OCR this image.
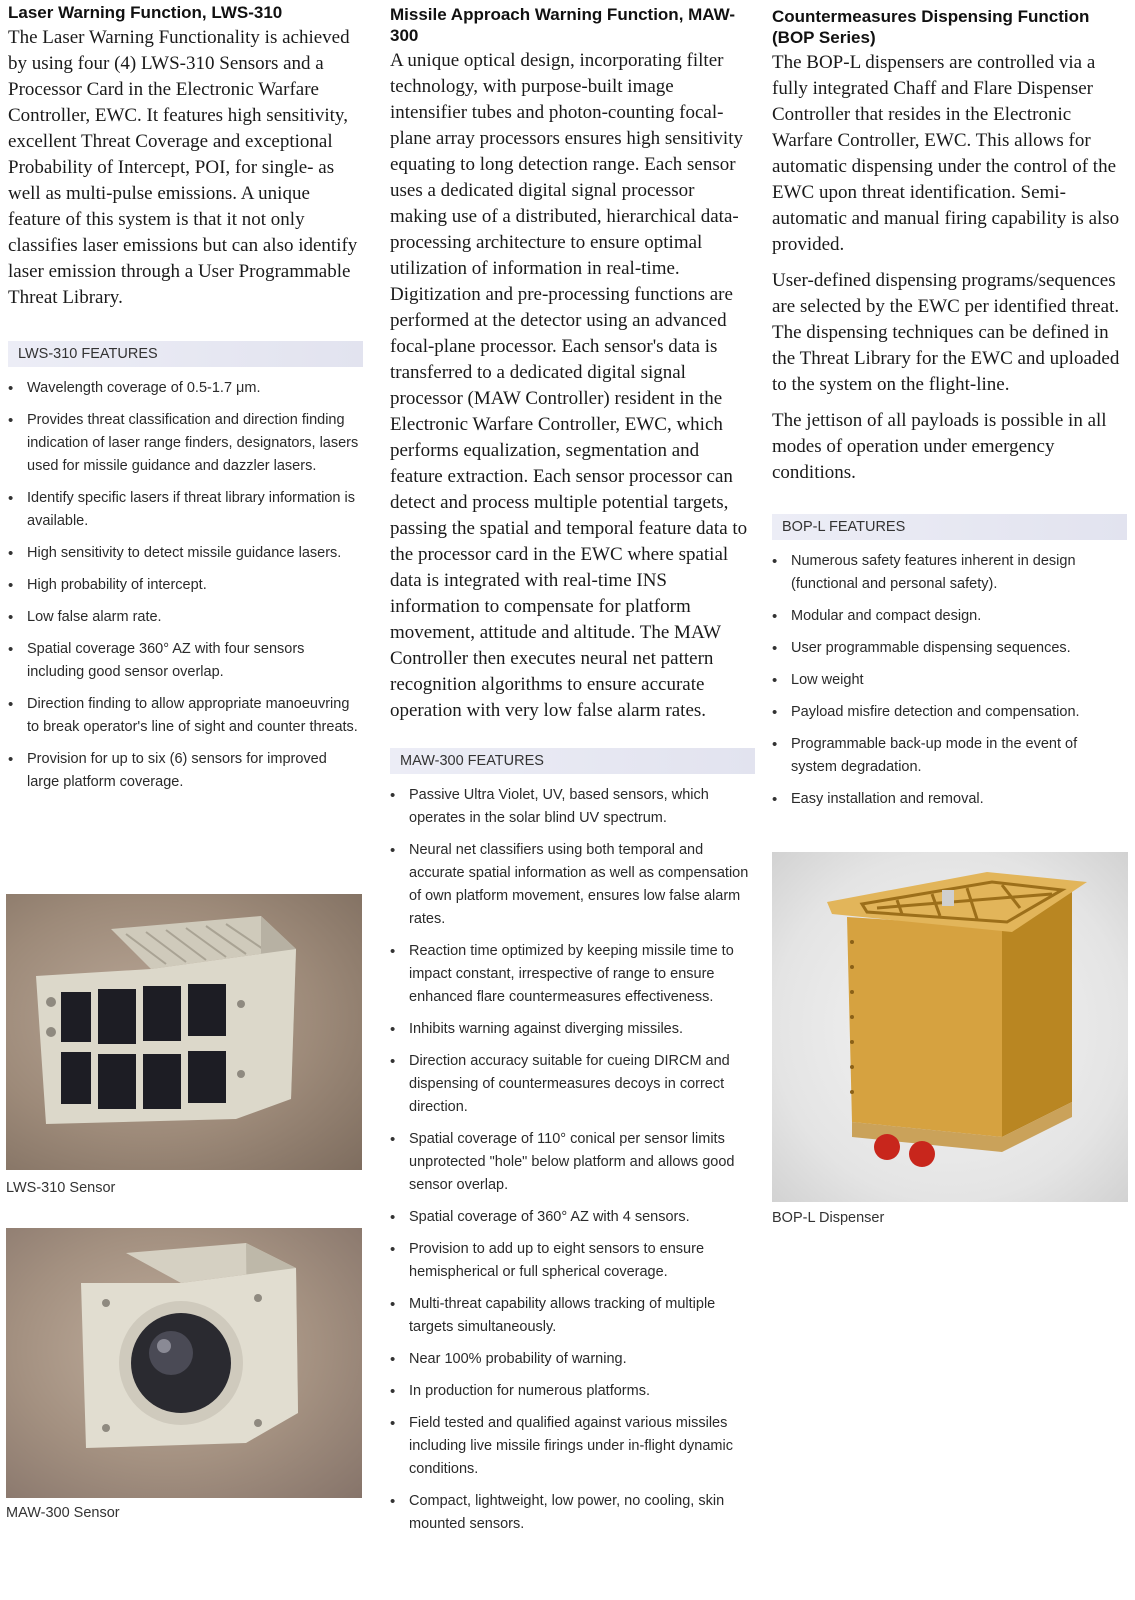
Laser Warning Function, LWS-310

The Laser Warning Functionality is achieved by using four (4) LWS-310 Sensors and a Processor Card in the Electronic Warfare Controller, EWC. It features high sensitivity, excellent Threat Coverage and exceptional Probability of Intercept, POI, for single- as well as multi-pulse emissions. A unique feature of this system is that it not only classifies laser emissions but can also identify laser emission through a User Programmable Threat Library.

LWS-310 FEATURES
• Wavelength coverage of 0.5-1.7 μm.
• Provides threat classification and direction finding indication of laser range finders, designators, lasers used for missile guidance and dazzler lasers.
• Identify specific lasers if threat library information is available.
• High sensitivity to detect missile guidance lasers.
• High probability of intercept.
• Low false alarm rate.
• Spatial coverage 360° AZ with four sensors including good sensor overlap.
• Direction finding to allow appropriate manoeuvring to break operator's line of sight and counter threats.
• Provision for up to six (6) sensors for improved large platform coverage.

LWS-310 Sensor

MAW-300 Sensor

Missile Approach Warning Function, MAW-300

A unique optical design, incorporating filter technology, with purpose-built image intensifier tubes and photon-counting focal-plane array processors ensures high sensitivity equating to long detection range. Each sensor uses a dedicated digital signal processor making use of a distributed, hierarchical data-processing architecture to ensure optimal utilization of information in real-time. Digitization and pre-processing functions are performed at the detector using an advanced focal-plane processor. Each sensor's data is transferred to a dedicated digital signal processor (MAW Controller) resident in the Electronic Warfare Controller, EWC, which performs equalization, segmentation and feature extraction. Each sensor processor can detect and process multiple potential targets, passing the spatial and temporal feature data to the processor card in the EWC where spatial data is integrated with real-time INS information to compensate for platform movement, attitude and altitude. The MAW Controller then executes neural net pattern recognition algorithms to ensure accurate operation with very low false alarm rates.

MAW-300 FEATURES
• Passive Ultra Violet, UV, based sensors, which operates in the solar blind UV spectrum.
• Neural net classifiers using both temporal and accurate spatial information as well as compensation of own platform movement, ensures low false alarm rates.
• Reaction time optimized by keeping missile time to impact constant, irrespective of range to ensure enhanced flare countermeasures effectiveness.
• Inhibits warning against diverging missiles.
• Direction accuracy suitable for cueing DIRCM and dispensing of countermeasures decoys in correct direction.
• Spatial coverage of 110° conical per sensor limits unprotected "hole" below platform and allows good sensor overlap.
• Spatial coverage of 360° AZ with 4 sensors.
• Provision to add up to eight sensors to ensure hemispherical or full spherical coverage.
• Multi-threat capability allows tracking of multiple targets simultaneously.
• Near 100% probability of warning.
• In production for numerous platforms.
• Field tested and qualified against various missiles including live missile firings under in-flight dynamic conditions.
• Compact, lightweight, low power, no cooling, skin mounted sensors.
Countermeasures Dispensing Function (BOP Series)

The BOP-L dispensers are controlled via a fully integrated Chaff and Flare Dispenser Controller that resides in the Electronic Warfare Controller, EWC. This allows for automatic dispensing under the control of the EWC upon threat identification. Semi-automatic and manual firing capability is also provided.

User-defined dispensing programs/sequences are selected by the EWC per identified threat. The dispensing techniques can be defined in the Threat Library for the EWC and uploaded to the system on the flight-line.

The jettison of all payloads is possible in all modes of operation under emergency conditions.

BOP-L FEATURES
• Numerous safety features inherent in design (functional and personal safety).
• Modular and compact design.
• User programmable dispensing sequences.
• Low weight
• Payload misfire detection and compensation.
• Programmable back-up mode in the event of system degradation.
• Easy installation and removal.

BOP-L Dispenser
